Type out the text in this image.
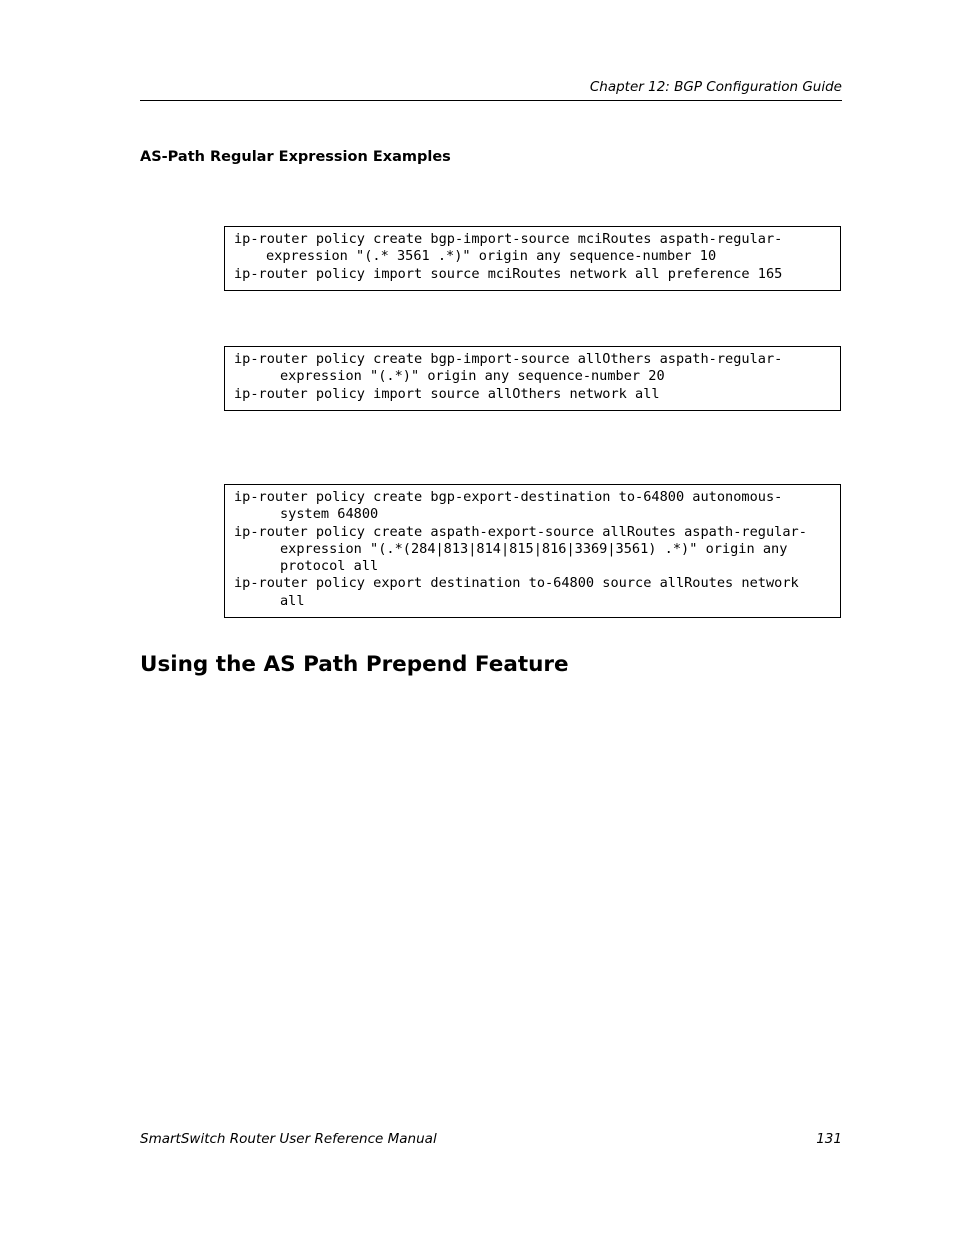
Chapter 12: BGP Configuration Guide
AS-Path Regular Expression Examples
ip-router policy create bgp-import-source mciRoutes aspath-regular-
expression "(.* 3561 .*)" origin any sequence-number 10
ip-router policy import source mciRoutes network all preference 165
ip-router policy create bgp-import-source allOthers aspath-regular-
expression "(.*)" origin any sequence-number 20
ip-router policy import source allOthers network all
ip-router policy create bgp-export-destination to-64800 autonomous-
system 64800
ip-router policy create aspath-export-source allRoutes aspath-regular-
expression "(.*(284|813|814|815|816|3369|3561) .*)" origin any
protocol all
ip-router policy export destination to-64800 source allRoutes network
all
Using the AS Path Prepend Feature
SmartSwitch Router User Reference Manual	131
